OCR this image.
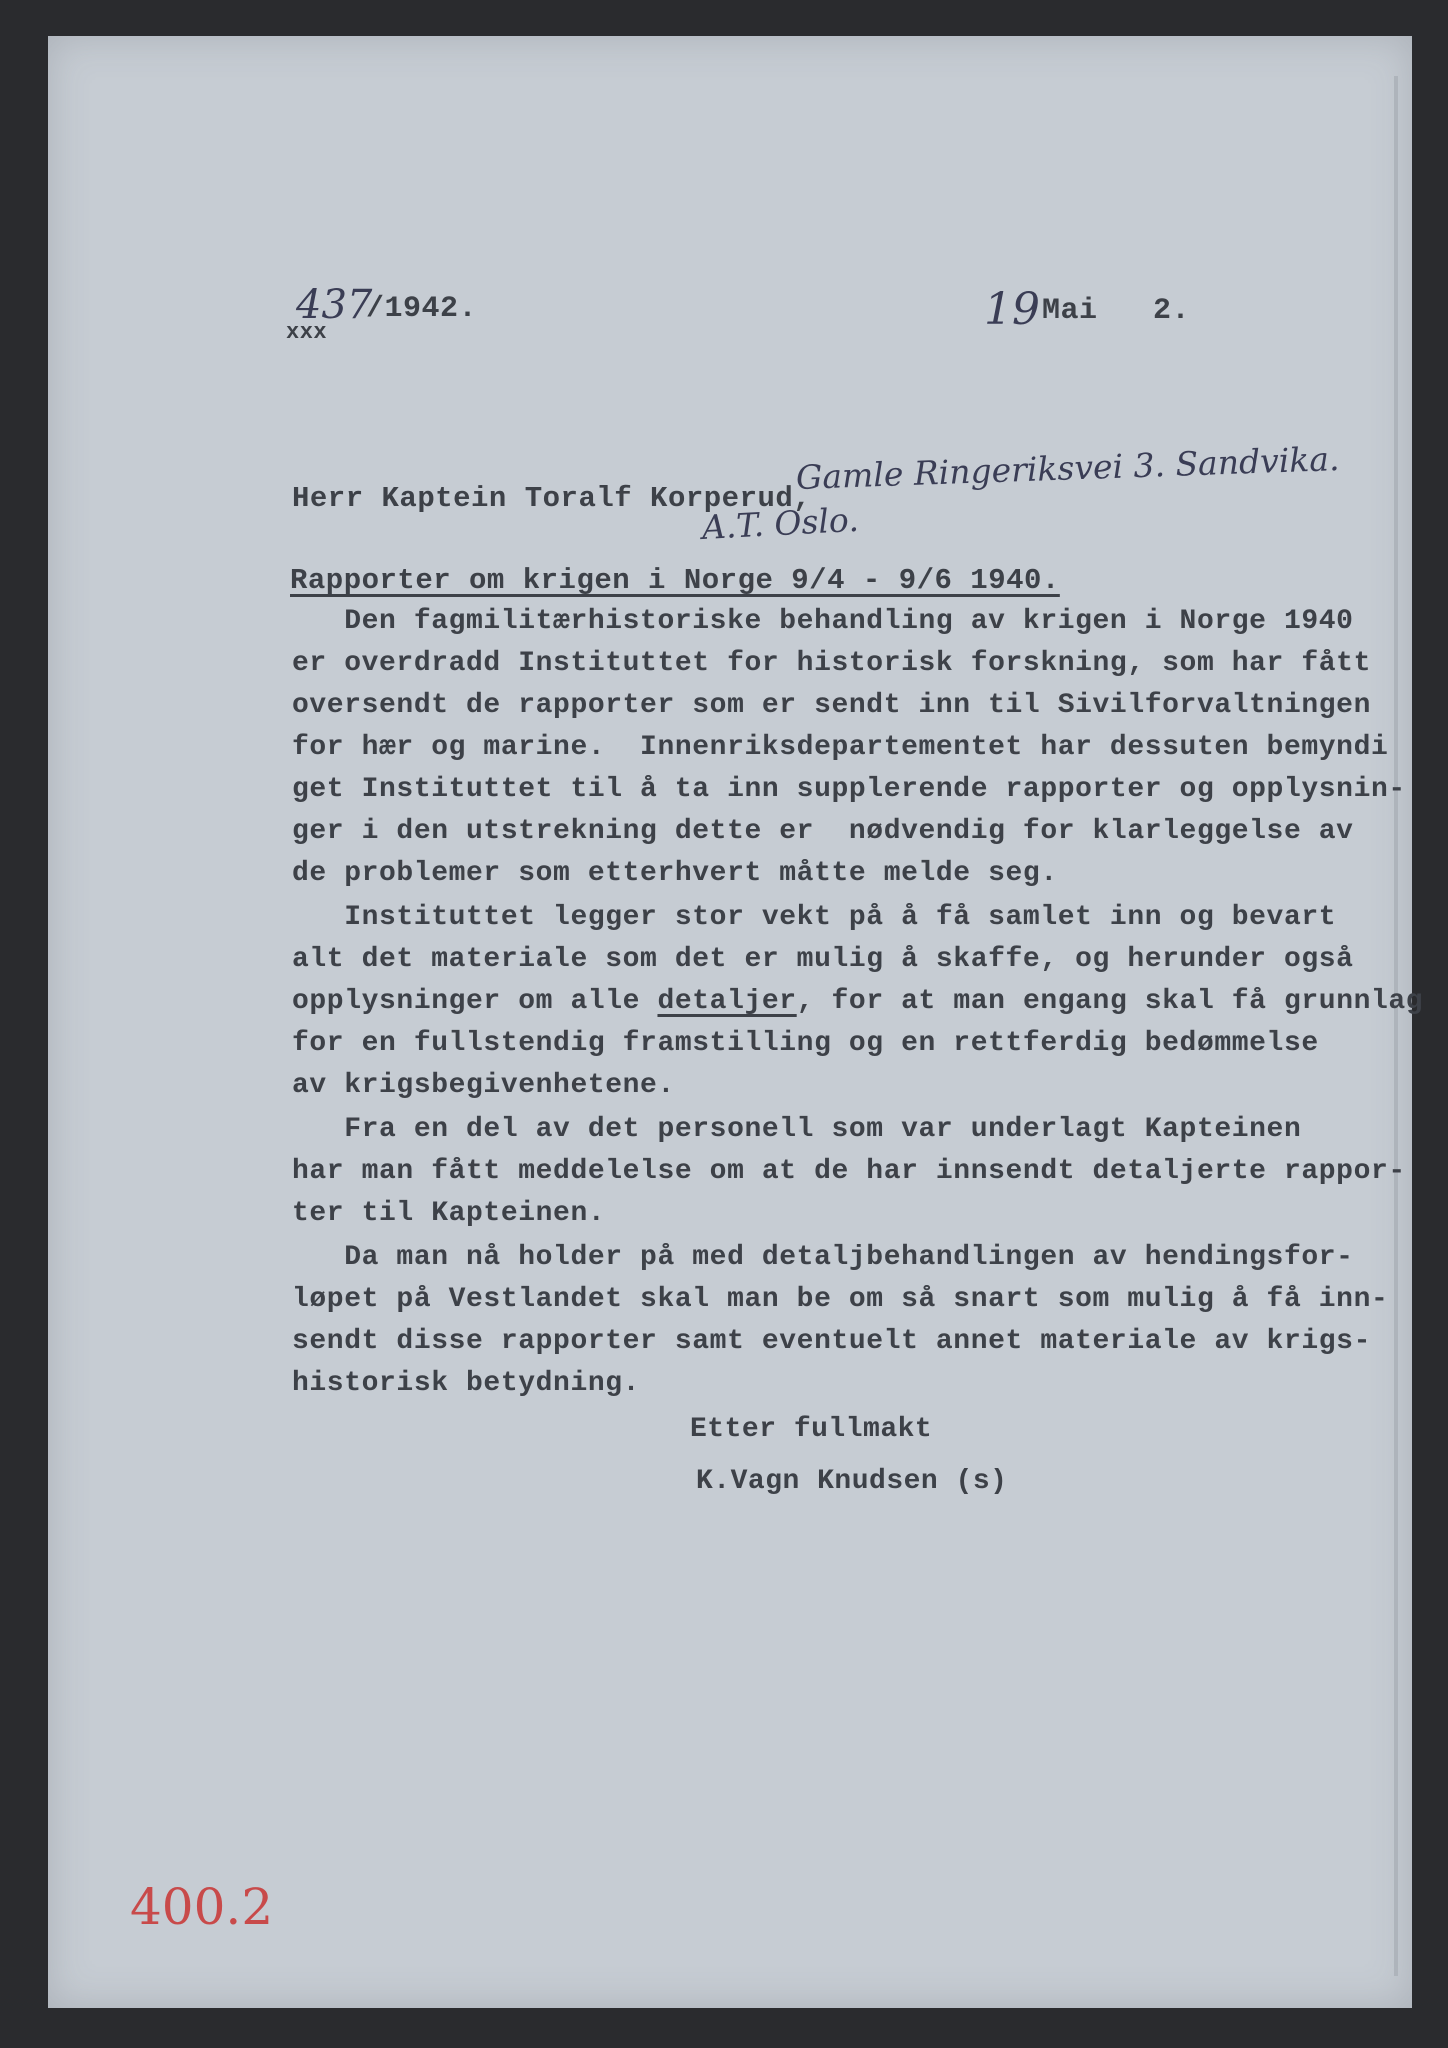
437
/1942.
xxx	19 Mai   2.
Herr Kaptein Toralf Korperud,
Gamle Ringeriksvei 3. Sandvika.
A.T. Oslo.
Rapporter om krigen i Norge 9/4 - 9/6 1940.
Den fagmilitærhistoriske behandling av krigen i Norge 1940
er overdradd Instituttet for historisk forskning, som har fått
oversendt de rapporter som er sendt inn til Sivilforvaltningen
for hær og marine.  Innenriksdepartementet har dessuten bemyndi
get Instituttet til å ta inn supplerende rapporter og opplysnin-
ger i den utstrekning dette er  nødvendig for klarleggelse av
de problemer som etterhvert måtte melde seg.
Instituttet legger stor vekt på å få samlet inn og bevart
alt det materiale som det er mulig å skaffe, og herunder også
opplysninger om alle detaljer, for at man engang skal få grunnlag
for en fullstendig framstilling og en rettferdig bedømmelse
av krigsbegivenhetene.
Fra en del av det personell som var underlagt Kapteinen
har man fått meddelelse om at de har innsendt detaljerte rappor-
ter til Kapteinen.
Da man nå holder på med detaljbehandlingen av hendingsfor-
løpet på Vestlandet skal man be om så snart som mulig å få inn-
sendt disse rapporter samt eventuelt annet materiale av krigs-
historisk betydning.
Etter fullmakt
K.Vagn Knudsen (s)
400.2
